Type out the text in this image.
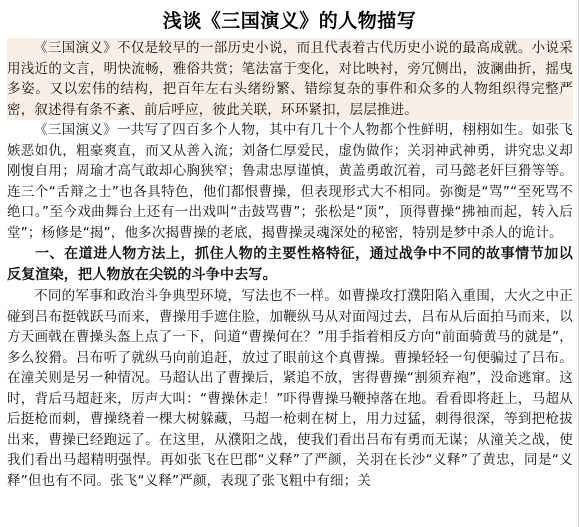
浅谈《三国演义》的人物描写

《三国演义》不仅是较早的一部历史小说，而且代表着古代历史小说的最高成就。小说采用浅近的文言，明快流畅，雅俗共赏；笔法富于变化，对比映衬，旁冗侧出，波澜曲折，摇曳多姿。又以宏伟的结构，把百年左右头绪纷繁、错综复杂的事件和众多的人物组织得完整严密，叙述得有条不紊、前后呼应，彼此关联，环环紧扣，层层推进。

《三国演义》一共写了四百多个人物，其中有几十个人物都个性鲜明，栩栩如生。如张飞嫉恶如仇，粗豪爽直，而又从善入流；刘备仁厚爱民，虚伪做作；关羽神武神勇，讲究忠义却刚愎自用；周瑜才高气敢却心胸狭窄；鲁肃忠厚谨慎，黄盖勇敢沉着，司马懿老奸巨猾等等。连三个“舌辩之士”也各具特色，他们都恨曹操，但表现形式大不相同。弥衡是“骂”“至死骂不绝口。”至今戏曲舞台上还有一出戏叫“击鼓骂曹”；张松是“顶”，顶得曹操“拂袖而起，转入后堂”；杨修是“揭”，他多次揭曹操的老底，揭曹操灵魂深处的秘密，特别是梦中杀人的诡计。

一、在道进人物方法上，抓住人物的主要性格特征，通过战争中不同的故事情节加以反复渲染，把人物放在尖锐的斗争中去写。

不同的军事和政治斗争典型环境，写法也不一样。如曹操攻打濮阳陷入重围，大火之中正碰到吕布挺戟跃马而来，曹操用手遮住脸，加鞭纵马从对面闯过去，吕布从后面拍马而来，以方天画戟在曹操头盔上点了一下，问道“曹操何在？”用手指着相反方向“前面骑黄马的就是”，多么狡猾。吕布听了就纵马向前追赶，放过了眼前这个真曹操。曹操轻轻一句便骗过了吕布。在潼关则是另一种情况。马超认出了曹操后，紧追不放，害得曹操“割须弃袍”，没命逃窜。这时，背后马超赶来，厉声大叫：“曹操休走！”吓得曹操马鞭掉落在地。看看即将赶上，马超从后挺枪而刺，曹操绕着一棵大树躲藏，马超一枪刺在树上，用力过猛，刺得很深，等到把枪拔出来，曹操已经跑远了。在这里，从濮阳之战，使我们看出吕布有勇而无谋；从潼关之战，使我们看出马超精明强悍。再如张飞在巴郡“义释”了严颜，关羽在长沙“义释”了黄忠，同是“义释”但也有不同。张飞“义释”严颜，表现了张飞粗中有细；关
